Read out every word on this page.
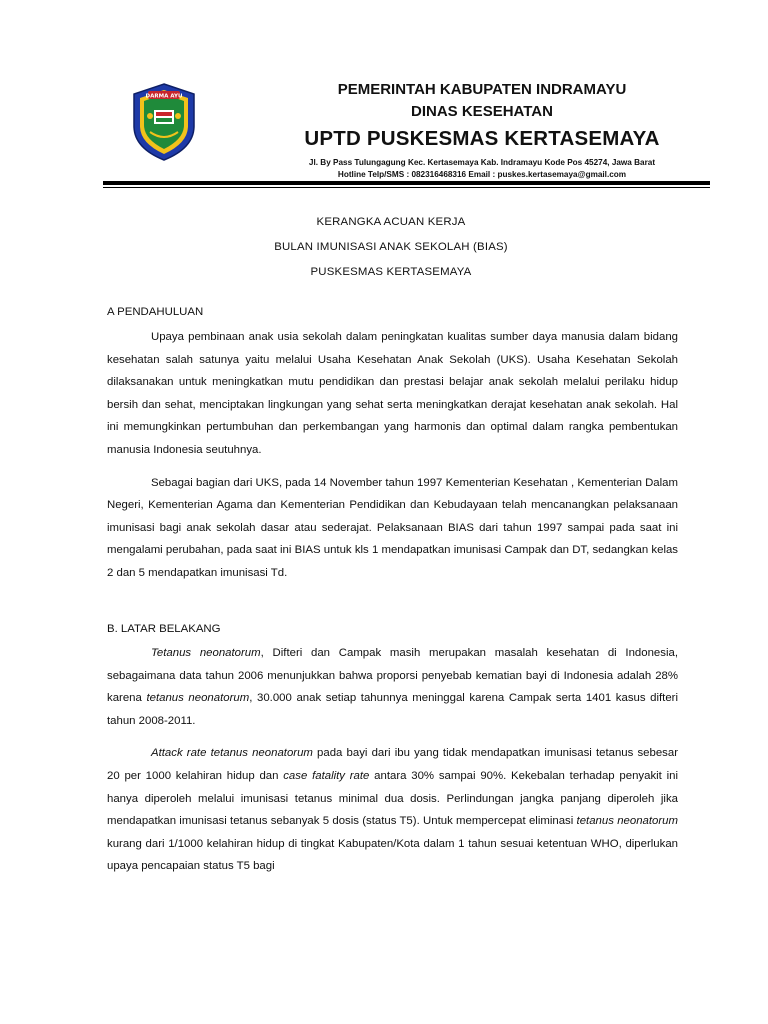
DARMA AYU	PEMERINTAH KABUPATEN INDRAMAYU
DINAS KESEHATAN
UPTD PUSKESMAS KERTASEMAYA
Jl. By Pass Tulungagung Kec. Kertasemaya Kab. Indramayu Kode Pos 45274, Jawa Barat
Hotline Telp/SMS : 082316468316 Email : puskes.kertasemaya@gmail.com
KERANGKA ACUAN KERJA
BULAN IMUNISASI ANAK SEKOLAH (BIAS)
PUSKESMAS KERTASEMAYA
A PENDAHULUAN

Upaya pembinaan anak usia sekolah dalam peningkatan kualitas sumber daya manusia dalam bidang kesehatan salah satunya yaitu melalui Usaha Kesehatan Anak Sekolah (UKS). Usaha Kesehatan Sekolah dilaksanakan untuk meningkatkan mutu pendidikan dan prestasi belajar anak sekolah melalui perilaku hidup bersih dan sehat, menciptakan lingkungan yang sehat serta meningkatkan derajat kesehatan anak sekolah. Hal ini memungkinkan pertumbuhan dan perkembangan yang harmonis dan optimal dalam rangka pembentukan manusia Indonesia seutuhnya.

Sebagai bagian dari UKS, pada 14 November tahun 1997 Kementerian Kesehatan , Kementerian Dalam Negeri, Kementerian Agama dan Kementerian Pendidikan dan Kebudayaan telah mencanangkan pelaksanaan imunisasi bagi anak sekolah dasar atau sederajat. Pelaksanaan BIAS dari tahun 1997 sampai pada saat ini mengalami perubahan, pada saat ini BIAS untuk kls 1 mendapatkan imunisasi Campak dan DT, sedangkan kelas 2 dan 5 mendapatkan imunisasi Td.

B. LATAR BELAKANG

Tetanus neonatorum, Difteri dan Campak masih merupakan masalah kesehatan di Indonesia, sebagaimana data tahun 2006 menunjukkan bahwa proporsi penyebab kematian bayi di Indonesia adalah 28% karena tetanus neonatorum, 30.000 anak setiap tahunnya meninggal karena Campak serta 1401 kasus difteri tahun 2008-2011.

Attack rate tetanus neonatorum pada bayi dari ibu yang tidak mendapatkan imunisasi tetanus sebesar 20 per 1000 kelahiran hidup dan case fatality rate antara 30% sampai 90%. Kekebalan terhadap penyakit ini hanya diperoleh melalui imunisasi tetanus minimal dua dosis. Perlindungan jangka panjang diperoleh jika mendapatkan imunisasi tetanus sebanyak 5 dosis (status T5). Untuk mempercepat eliminasi tetanus neonatorum kurang dari 1/1000 kelahiran hidup di tingkat Kabupaten/Kota dalam 1 tahun sesuai ketentuan WHO, diperlukan upaya pencapaian status T5 bagi
